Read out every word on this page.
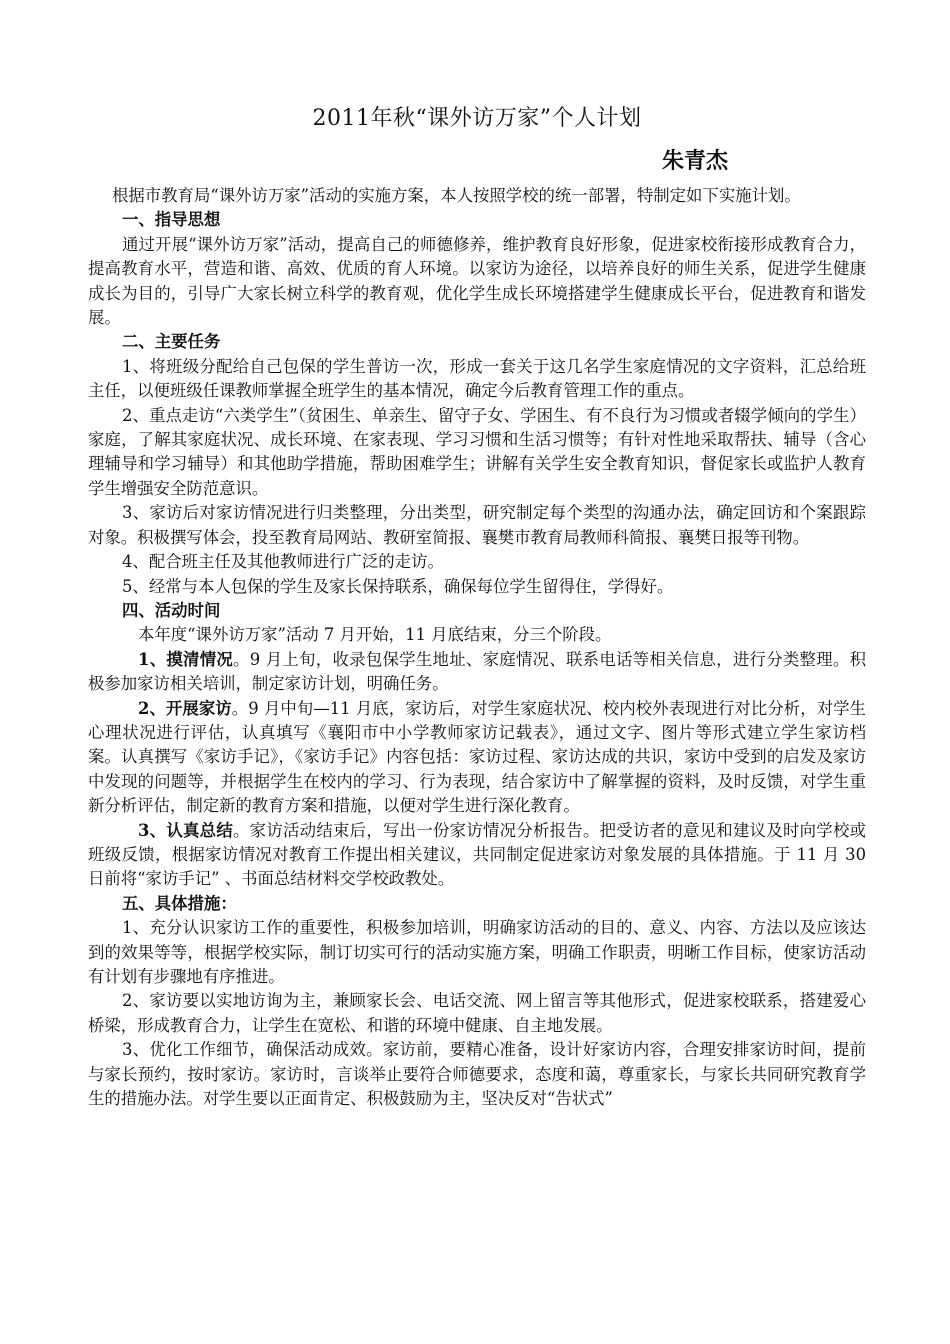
2011年秋“课外访万家”个人计划
朱青杰

根据市教育局“课外访万家”活动的实施方案，本人按照学校的统一部署，特制定如下实施计划。

一、指导思想

通过开展“课外访万家”活动，提高自己的师德修养，维护教育良好形象，促进家校衔接形成教育合力，提高教育水平，营造和谐、高效、优质的育人环境。以家访为途径，以培养良好的师生关系，促进学生健康成长为目的，引导广大家长树立科学的教育观，优化学生成长环境搭建学生健康成长平台，促进教育和谐发展。

二、主要任务

1、将班级分配给自己包保的学生普访一次，形成一套关于这几名学生家庭情况的文字资料，汇总给班主任，以便班级任课教师掌握全班学生的基本情况，确定今后教育管理工作的重点。

2、重点走访“六类学生”（贫困生、单亲生、留守子女、学困生、有不良行为习惯或者辍学倾向的学生）家庭，了解其家庭状况、成长环境、在家表现、学习习惯和生活习惯等；有针对性地采取帮扶、辅导（含心理辅导和学习辅导）和其他助学措施，帮助困难学生；讲解有关学生安全教育知识，督促家长或监护人教育学生增强安全防范意识。

3、家访后对家访情况进行归类整理，分出类型，研究制定每个类型的沟通办法，确定回访和个案跟踪对象。积极撰写体会，投至教育局网站、教研室简报、襄樊市教育局教师科简报、襄樊日报等刊物。

4、配合班主任及其他教师进行广泛的走访。

5、经常与本人包保的学生及家长保持联系，确保每位学生留得住，学得好。

四、活动时间

本年度“课外访万家”活动 7 月开始，11 月底结束，分三个阶段。

1、摸清情况。9 月上旬，收录包保学生地址、家庭情况、联系电话等相关信息，进行分类整理。积极参加家访相关培训，制定家访计划，明确任务。

2、开展家访。9 月中旬—11 月底，家访后，对学生家庭状况、校内校外表现进行对比分析，对学生心理状况进行评估，认真填写《襄阳市中小学教师家访记载表》，通过文字、图片等形式建立学生家访档案。认真撰写《家访手记》，《家访手记》内容包括：家访过程、家访达成的共识，家访中受到的启发及家访中发现的问题等，并根据学生在校内的学习、行为表现，结合家访中了解掌握的资料，及时反馈，对学生重新分析评估，制定新的教育方案和措施，以便对学生进行深化教育。

3、认真总结。家访活动结束后，写出一份家访情况分析报告。把受访者的意见和建议及时向学校或班级反馈，根据家访情况对教育工作提出相关建议，共同制定促进家访对象发展的具体措施。于 11 月 30 日前将“家访手记” 、书面总结材料交学校政教处。

五、具体措施：

1、充分认识家访工作的重要性，积极参加培训，明确家访活动的目的、意义、内容、方法以及应该达到的效果等等，根据学校实际，制订切实可行的活动实施方案，明确工作职责，明晰工作目标，使家访活动有计划有步骤地有序推进。

2、家访要以实地访询为主，兼顾家长会、电话交流、网上留言等其他形式，促进家校联系，搭建爱心桥梁，形成教育合力，让学生在宽松、和谐的环境中健康、自主地发展。

3、优化工作细节，确保活动成效。家访前，要精心准备，设计好家访内容，合理安排家访时间，提前与家长预约，按时家访。家访时，言谈举止要符合师德要求，态度和蔼，尊重家长，与家长共同研究教育学生的措施办法。对学生要以正面肯定、积极鼓励为主，坚决反对“告状式”
